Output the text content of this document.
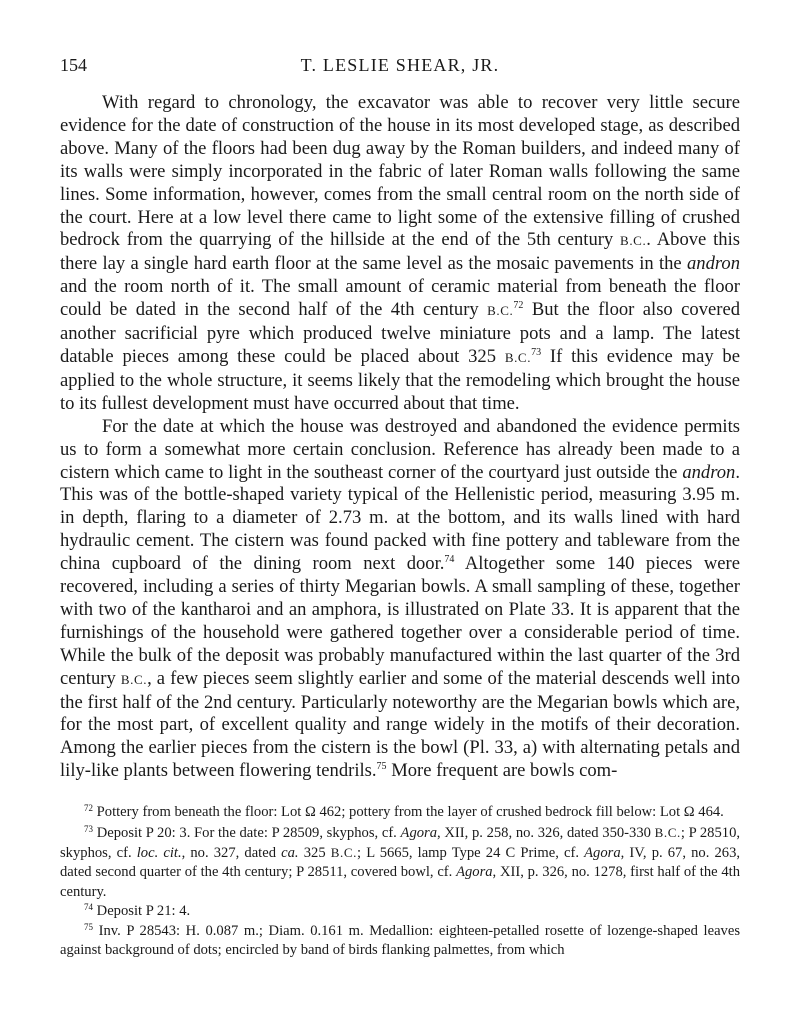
154	T. LESLIE SHEAR, JR.

With regard to chronology, the excavator was able to recover very little secure evidence for the date of construction of the house in its most developed stage, as described above. Many of the floors had been dug away by the Roman builders, and indeed many of its walls were simply incorporated in the fabric of later Roman walls following the same lines. Some information, however, comes from the small central room on the north side of the court. Here at a low level there came to light some of the extensive filling of crushed bedrock from the quarrying of the hillside at the end of the 5th century B.C.. Above this there lay a single hard earth floor at the same level as the mosaic pavements in the andron and the room north of it. The small amount of ceramic material from beneath the floor could be dated in the second half of the 4th century B.C.$^{72}$ But the floor also covered another sacrificial pyre which produced twelve miniature pots and a lamp. The latest datable pieces among these could be placed about 325 B.C.$^{73}$ If this evidence may be applied to the whole structure, it seems likely that the remodeling which brought the house to its fullest development must have occurred about that time.

For the date at which the house was destroyed and abandoned the evidence permits us to form a somewhat more certain conclusion. Reference has already been made to a cistern which came to light in the southeast corner of the courtyard just outside the andron. This was of the bottle-shaped variety typical of the Hellenistic period, measuring 3.95 m. in depth, flaring to a diameter of 2.73 m. at the bottom, and its walls lined with hard hydraulic cement. The cistern was found packed with fine pottery and tableware from the china cupboard of the dining room next door.$^{74}$ Altogether some 140 pieces were recovered, including a series of thirty Megarian bowls. A small sampling of these, together with two of the kantharoi and an amphora, is illustrated on Plate 33. It is apparent that the furnishings of the household were gathered together over a considerable period of time. While the bulk of the deposit was probably manufactured within the last quarter of the 3rd century B.C., a few pieces seem slightly earlier and some of the material descends well into the first half of the 2nd century. Particularly noteworthy are the Megarian bowls which are, for the most part, of excellent quality and range widely in the motifs of their decoration. Among the earlier pieces from the cistern is the bowl (Pl. 33, a) with alternating petals and lily-like plants between flowering tendrils.$^{75}$ More frequent are bowls com-

$^{72}$ Pottery from beneath the floor: Lot Ω 462; pottery from the layer of crushed bedrock fill below: Lot Ω 464.

$^{73}$ Deposit P 20: 3. For the date: P 28509, skyphos, cf. Agora, XII, p. 258, no. 326, dated 350-330 B.C.; P 28510, skyphos, cf. loc. cit., no. 327, dated ca. 325 B.C.; L 5665, lamp Type 24 C Prime, cf. Agora, IV, p. 67, no. 263, dated second quarter of the 4th century; P 28511, covered bowl, cf. Agora, XII, p. 326, no. 1278, first half of the 4th century.

$^{74}$ Deposit P 21: 4.

$^{75}$ Inv. P 28543: H. 0.087 m.; Diam. 0.161 m. Medallion: eighteen-petalled rosette of lozenge-shaped leaves against background of dots; encircled by band of birds flanking palmettes, from which
